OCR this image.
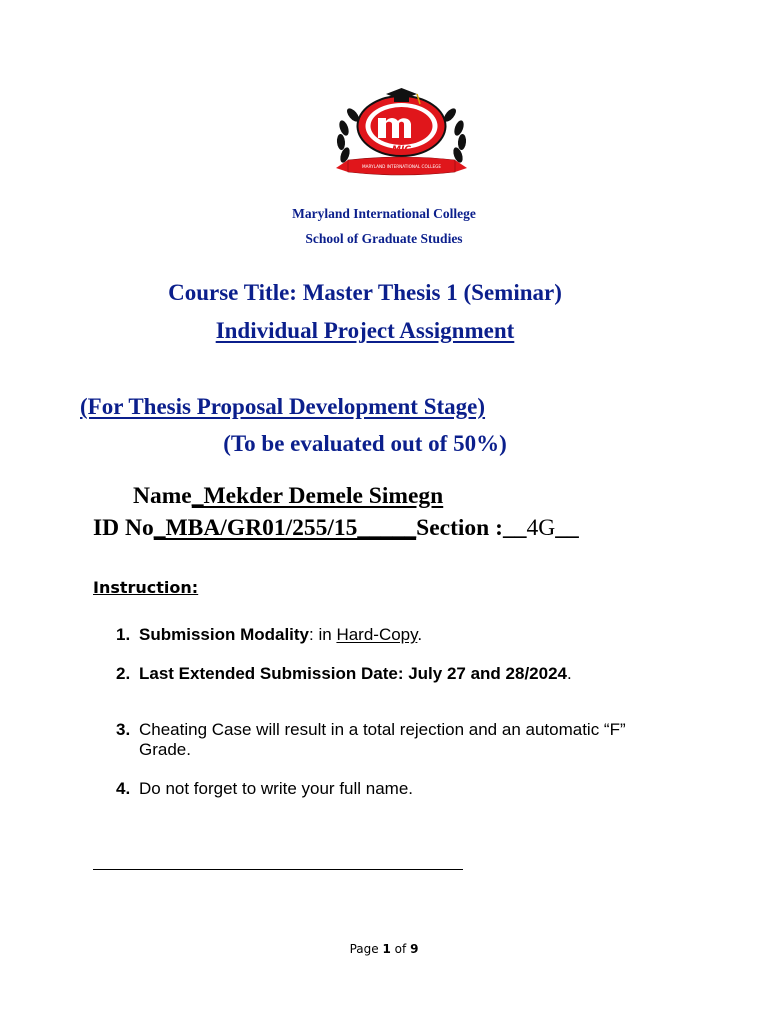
MIC
MARYLAND INTERNATIONAL COLLEGE
Maryland International College
School of Graduate Studies
Course Title: Master Thesis 1 (Seminar)
Individual Project Assignment
(For Thesis Proposal Development Stage)
(To be evaluated out of 50%)
Name_Mekder Demele Simegn
ID No_MBA/GR01/255/15_____Section :__4G__
Instruction:
1. Submission Modality: in Hard-Copy.
2. Last Extended Submission Date: July 27 and 28/2024.
3. Cheating Case will result in a total rejection and an automatic “F” Grade.
4. Do not forget to write your full name.
Page 1 of 9
